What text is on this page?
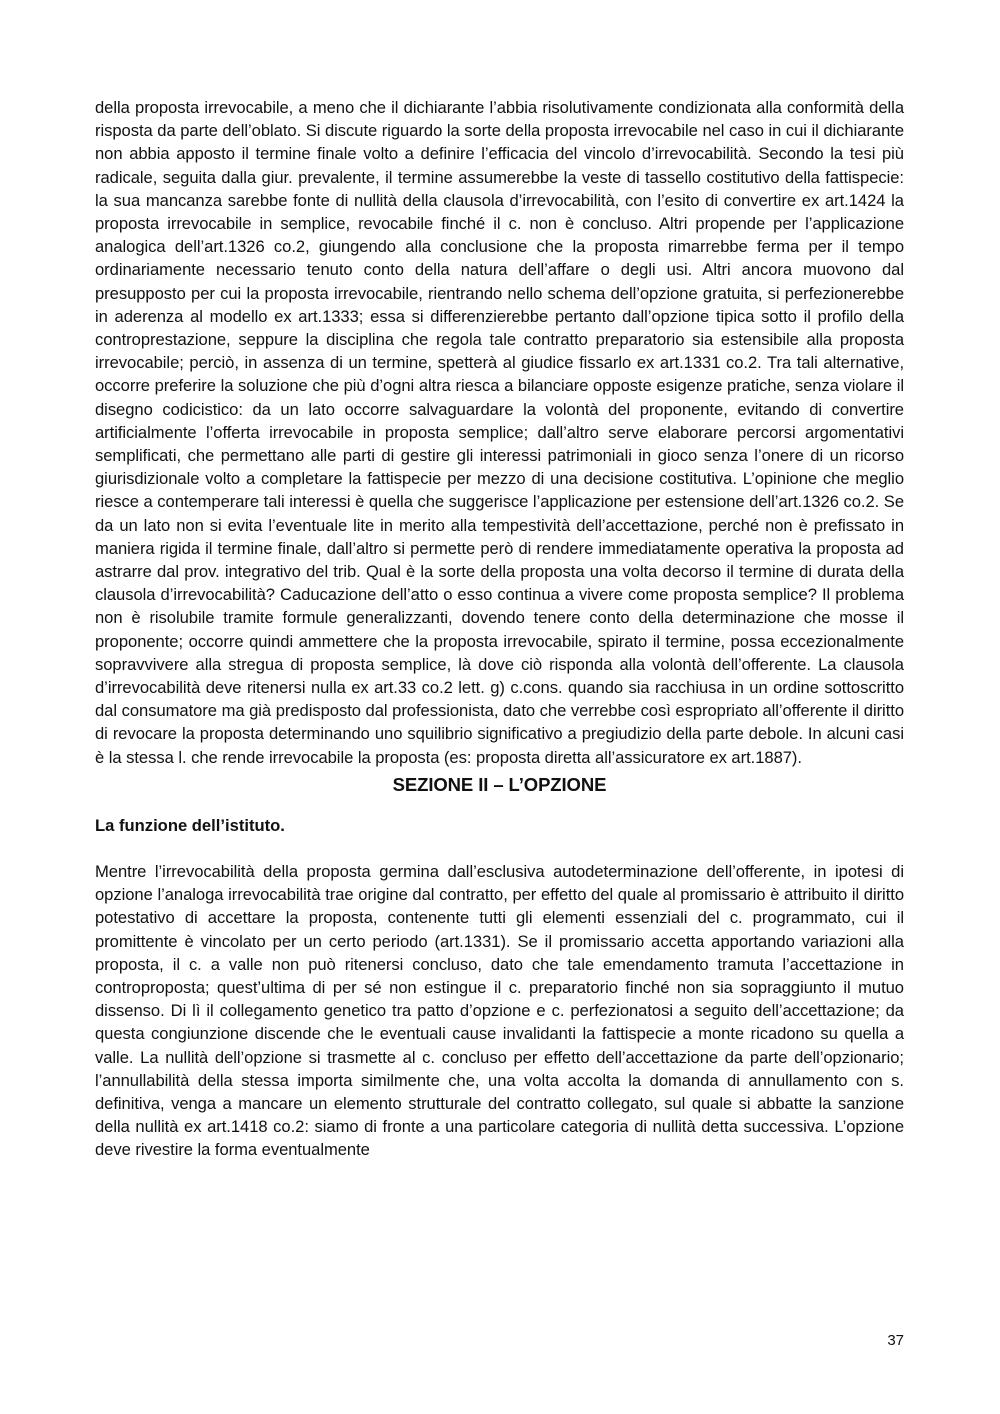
della proposta irrevocabile, a meno che il dichiarante l’abbia risolutivamente condizionata alla conformità della risposta da parte dell’oblato. Si discute riguardo la sorte della proposta irrevocabile nel caso in cui il dichiarante non abbia apposto il termine finale volto a definire l’efficacia del vincolo d’irrevocabilità. Secondo la tesi più radicale, seguita dalla giur. prevalente, il termine assumerebbe la veste di tassello costitutivo della fattispecie: la sua mancanza sarebbe fonte di nullità della clausola d’irrevocabilità, con l’esito di convertire ex art.1424 la proposta irrevocabile in semplice, revocabile finché il c. non è concluso. Altri propende per l’applicazione analogica dell’art.1326 co.2, giungendo alla conclusione che la proposta rimarrebbe ferma per il tempo ordinariamente necessario tenuto conto della natura dell’affare o degli usi. Altri ancora muovono dal presupposto per cui la proposta irrevocabile, rientrando nello schema dell’opzione gratuita, si perfezionerebbe in aderenza al modello ex art.1333; essa si differenzierebbe pertanto dall’opzione tipica sotto il profilo della controprestazione, seppure la disciplina che regola tale contratto preparatorio sia estensibile alla proposta irrevocabile; perciò, in assenza di un termine, spetterà al giudice fissarlo ex art.1331 co.2. Tra tali alternative, occorre preferire la soluzione che più d’ogni altra riesca a bilanciare opposte esigenze pratiche, senza violare il disegno codicistico: da un lato occorre salvaguardare la volontà del proponente, evitando di convertire artificialmente l’offerta irrevocabile in proposta semplice; dall’altro serve elaborare percorsi argomentativi semplificati, che permettano alle parti di gestire gli interessi patrimoniali in gioco senza l’onere di un ricorso giurisdizionale volto a completare la fattispecie per mezzo di una decisione costitutiva. L’opinione che meglio riesce a contemperare tali interessi è quella che suggerisce l’applicazione per estensione dell’art.1326 co.2. Se da un lato non si evita l’eventuale lite in merito alla tempestività dell’accettazione, perché non è prefissato in maniera rigida il termine finale, dall’altro si permette però di rendere immediatamente operativa la proposta ad astrarre dal prov. integrativo del trib. Qual è la sorte della proposta una volta decorso il termine di durata della clausola d’irrevocabilità? Caducazione dell’atto o esso continua a vivere come proposta semplice? Il problema non è risolubile tramite formule generalizzanti, dovendo tenere conto della determinazione che mosse il proponente; occorre quindi ammettere che la proposta irrevocabile, spirato il termine, possa eccezionalmente sopravvivere alla stregua di proposta semplice, là dove ciò risponda alla volontà dell’offerente. La clausola d’irrevocabilità deve ritenersi nulla ex art.33 co.2 lett. g) c.cons. quando sia racchiusa in un ordine sottoscritto dal consumatore ma già predisposto dal professionista, dato che verrebbe così espropriato all’offerente il diritto di revocare la proposta determinando uno squilibrio significativo a pregiudizio della parte debole. In alcuni casi è la stessa l. che rende irrevocabile la proposta (es: proposta diretta all’assicuratore ex art.1887).

SEZIONE II – L’OPZIONE
La funzione dell’istituto.

Mentre l’irrevocabilità della proposta germina dall’esclusiva autodeterminazione dell’offerente, in ipotesi di opzione l’analoga irrevocabilità trae origine dal contratto, per effetto del quale al promissario è attribuito il diritto potestativo di accettare la proposta, contenente tutti gli elementi essenziali del c. programmato, cui il promittente è vincolato per un certo periodo (art.1331). Se il promissario accetta apportando variazioni alla proposta, il c. a valle non può ritenersi concluso, dato che tale emendamento tramuta l’accettazione in controproposta; quest’ultima di per sé non estingue il c. preparatorio finché non sia sopraggiunto il mutuo dissenso. Di lì il collegamento genetico tra patto d’opzione e c. perfezionatosi a seguito dell’accettazione; da questa congiunzione discende che le eventuali cause invalidanti la fattispecie a monte ricadono su quella a valle. La nullità dell’opzione si trasmette al c. concluso per effetto dell’accettazione da parte dell’opzionario; l’annullabilità della stessa importa similmente che, una volta accolta la domanda di annullamento con s. definitiva, venga a mancare un elemento strutturale del contratto collegato, sul quale si abbatte la sanzione della nullità ex art.1418 co.2: siamo di fronte a una particolare categoria di nullità detta successiva. L’opzione deve rivestire la forma eventualmente

37
